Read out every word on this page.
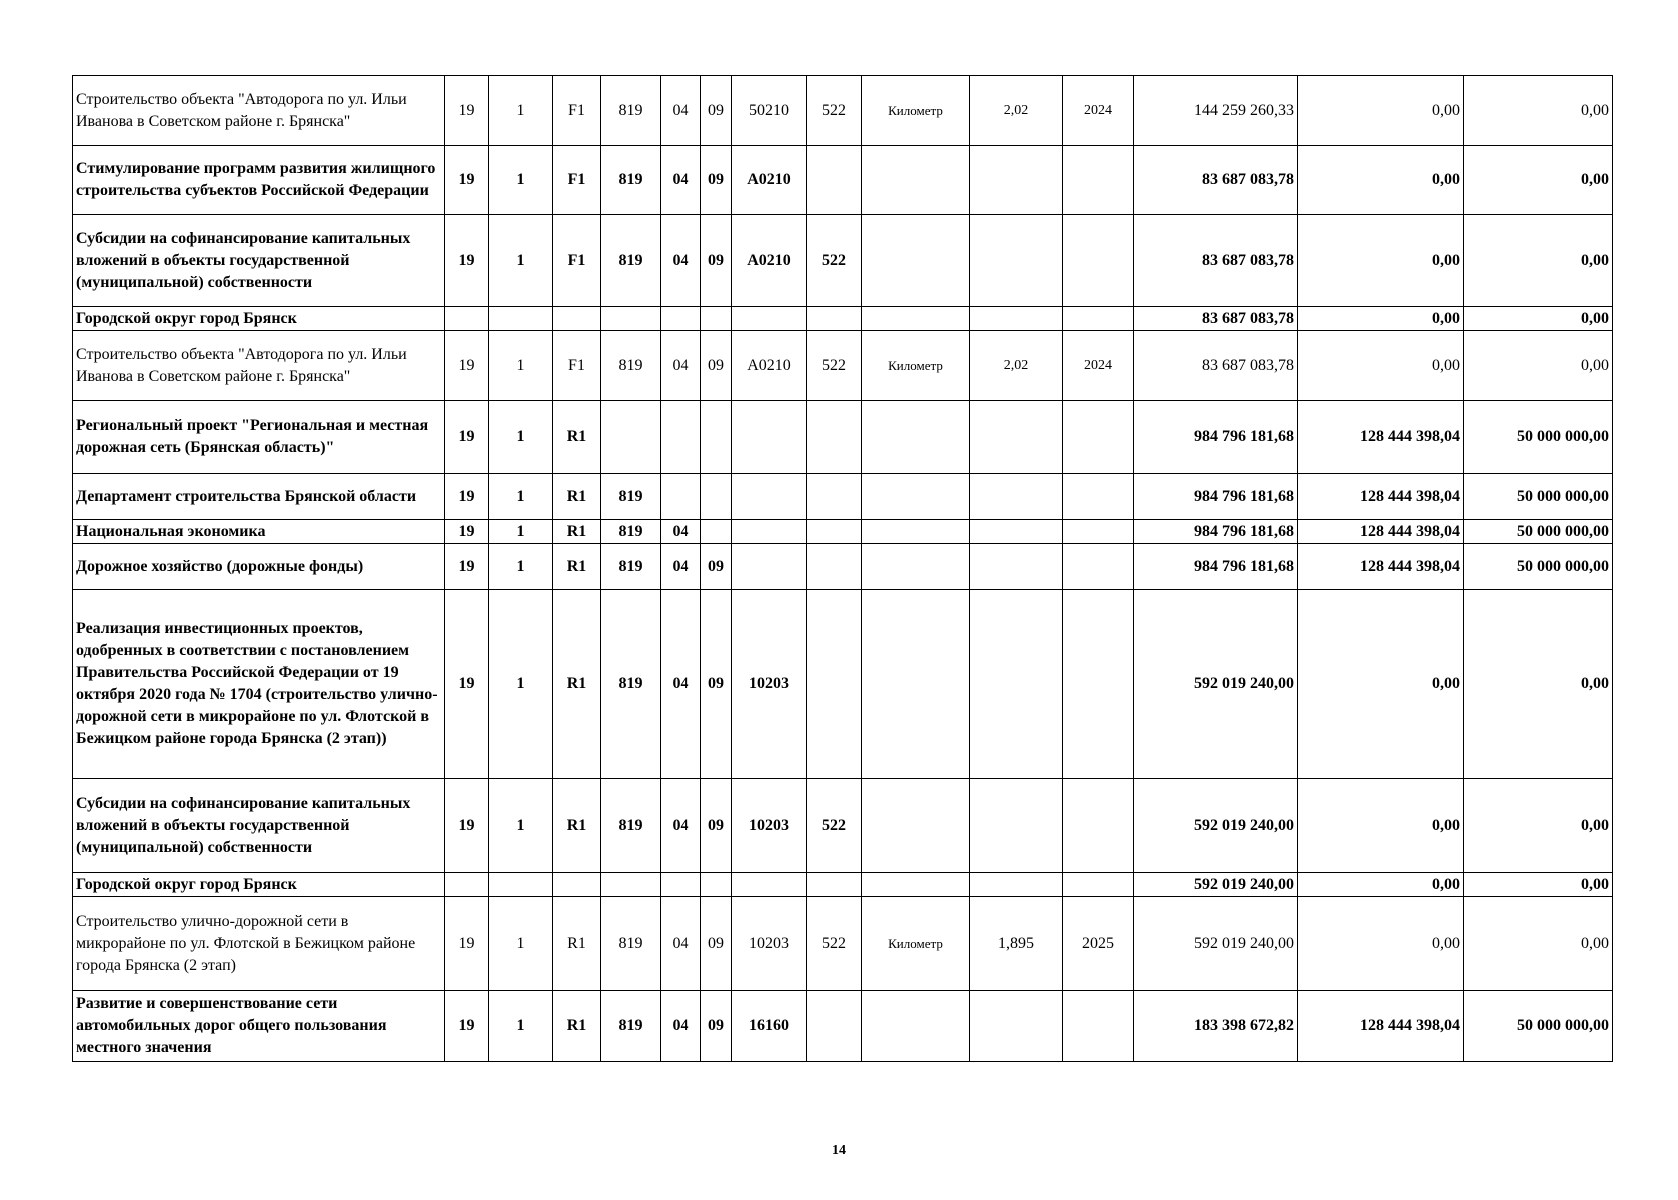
Строительство объекта "Автодорога по ул. Ильи Иванова в Советском районе г. Брянска"	19	1	F1	819	04	09	50210	522	Километр	2,02	2024	144 259 260,33	0,00	0,00
Стимулирование программ развития жилищного строительства субъектов Российской Федерации	19	1	F1	819	04	09	A0210					83 687 083,78	0,00	0,00
Субсидии на софинансирование капитальных вложений в объекты государственной (муниципальной) собственности	19	1	F1	819	04	09	A0210	522				83 687 083,78	0,00	0,00
Городской округ город Брянск												83 687 083,78	0,00	0,00
Строительство объекта "Автодорога по ул. Ильи Иванова в Советском районе г. Брянска"	19	1	F1	819	04	09	A0210	522	Километр	2,02	2024	83 687 083,78	0,00	0,00
Региональный проект "Региональная и местная дорожная сеть (Брянская область)"	19	1	R1									984 796 181,68	128 444 398,04	50 000 000,00
Департамент строительства Брянской области	19	1	R1	819								984 796 181,68	128 444 398,04	50 000 000,00
Национальная экономика	19	1	R1	819	04							984 796 181,68	128 444 398,04	50 000 000,00
Дорожное хозяйство (дорожные фонды)	19	1	R1	819	04	09						984 796 181,68	128 444 398,04	50 000 000,00
Реализация инвестиционных проектов, одобренных в соответствии с постановлением Правительства Российской Федерации от 19 октября 2020 года № 1704 (строительство улично-дорожной сети в микрорайоне по ул. Флотской в Бежицком районе города Брянска (2 этап))	19	1	R1	819	04	09	10203					592 019 240,00	0,00	0,00
Субсидии на софинансирование капитальных вложений в объекты государственной (муниципальной) собственности	19	1	R1	819	04	09	10203	522				592 019 240,00	0,00	0,00
Городской округ город Брянск												592 019 240,00	0,00	0,00
Строительство улично-дорожной сети в микрорайоне по ул. Флотской в Бежицком районе города Брянска (2 этап)	19	1	R1	819	04	09	10203	522	Километр	1,895	2025	592 019 240,00	0,00	0,00
Развитие и совершенствование сети автомобильных дорог общего пользования местного значения	19	1	R1	819	04	09	16160					183 398 672,82	128 444 398,04	50 000 000,00
14
